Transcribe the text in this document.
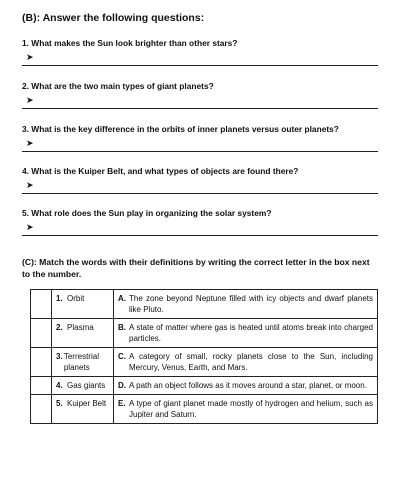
(B): Answer the following questions:
1. What makes the Sun look brighter than other stars?
➤
2. What are the two main types of giant planets?
➤
3. What is the key difference in the orbits of inner planets versus outer planets?
➤
4. What is the Kuiper Belt, and what types of objects are found there?
➤
5. What role does the Sun play in organizing the solar system?
➤
(C): Match the words with their definitions by writing the correct letter in the box next to the number.

	1. Orbit	A. The zone beyond Neptune filled with icy objects and dwarf planets like Pluto.

	2. Plasma	B. A state of matter where gas is heated until atoms break into charged particles.

	3. Terrestrial planets	C. A category of small, rocky planets close to the Sun, including Mercury, Venus, Earth, and Mars.

	4. Gas giants	D. A path an object follows as it moves around a star, planet, or moon.

	5. Kuiper Belt	E. A type of giant planet made mostly of hydrogen and helium, such as Jupiter and Saturn.
